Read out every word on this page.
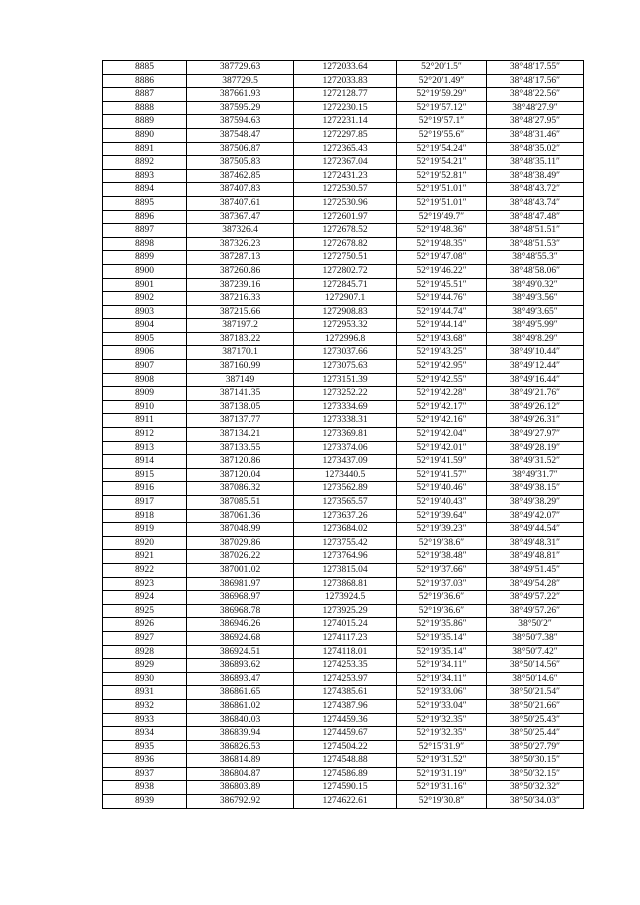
8885	387729.63	1272033.64	52°20′1.5″	38°48′17.55″
8886	387729.5	1272033.83	52°20′1.49″	38°48′17.56″
8887	387661.93	1272128.77	52°19′59.29″	38°48′22.56″
8888	387595.29	1272230.15	52°19′57.12″	38°48′27.9″
8889	387594.63	1272231.14	52°19′57.1″	38°48′27.95″
8890	387548.47	1272297.85	52°19′55.6″	38°48′31.46″
8891	387506.87	1272365.43	52°19′54.24″	38°48′35.02″
8892	387505.83	1272367.04	52°19′54.21″	38°48′35.11″
8893	387462.85	1272431.23	52°19′52.81″	38°48′38.49″
8894	387407.83	1272530.57	52°19′51.01″	38°48′43.72″
8895	387407.61	1272530.96	52°19′51.01″	38°48′43.74″
8896	387367.47	1272601.97	52°19′49.7″	38°48′47.48″
8897	387326.4	1272678.52	52°19′48.36″	38°48′51.51″
8898	387326.23	1272678.82	52°19′48.35″	38°48′51.53″
8899	387287.13	1272750.51	52°19′47.08″	38°48′55.3″
8900	387260.86	1272802.72	52°19′46.22″	38°48′58.06″
8901	387239.16	1272845.71	52°19′45.51″	38°49′0.32″
8902	387216.33	1272907.1	52°19′44.76″	38°49′3.56″
8903	387215.66	1272908.83	52°19′44.74″	38°49′3.65″
8904	387197.2	1272953.32	52°19′44.14″	38°49′5.99″
8905	387183.22	1272996.8	52°19′43.68″	38°49′8.29″
8906	387170.1	1273037.66	52°19′43.25″	38°49′10.44″
8907	387160.99	1273075.63	52°19′42.95″	38°49′12.44″
8908	387149	1273151.39	52°19′42.55″	38°49′16.44″
8909	387141.35	1273252.22	52°19′42.28″	38°49′21.76″
8910	387138.05	1273334.69	52°19′42.17″	38°49′26.12″
8911	387137.77	1273338.31	52°19′42.16″	38°49′26.31″
8912	387134.21	1273369.81	52°19′42.04″	38°49′27.97″
8913	387133.55	1273374.06	52°19′42.01″	38°49′28.19″
8914	387120.86	1273437.09	52°19′41.59″	38°49′31.52″
8915	387120.04	1273440.5	52°19′41.57″	38°49′31.7″
8916	387086.32	1273562.89	52°19′40.46″	38°49′38.15″
8917	387085.51	1273565.57	52°19′40.43″	38°49′38.29″
8918	387061.36	1273637.26	52°19′39.64″	38°49′42.07″
8919	387048.99	1273684.02	52°19′39.23″	38°49′44.54″
8920	387029.86	1273755.42	52°19′38.6″	38°49′48.31″
8921	387026.22	1273764.96	52°19′38.48″	38°49′48.81″
8922	387001.02	1273815.04	52°19′37.66″	38°49′51.45″
8923	386981.97	1273868.81	52°19′37.03″	38°49′54.28″
8924	386968.97	1273924.5	52°19′36.6″	38°49′57.22″
8925	386968.78	1273925.29	52°19′36.6″	38°49′57.26″
8926	386946.26	1274015.24	52°19′35.86″	38°50′2″
8927	386924.68	1274117.23	52°19′35.14″	38°50′7.38″
8928	386924.51	1274118.01	52°19′35.14″	38°50′7.42″
8929	386893.62	1274253.35	52°19′34.11″	38°50′14.56″
8930	386893.47	1274253.97	52°19′34.11″	38°50′14.6″
8931	386861.65	1274385.61	52°19′33.06″	38°50′21.54″
8932	386861.02	1274387.96	52°19′33.04″	38°50′21.66″
8933	386840.03	1274459.36	52°19′32.35″	38°50′25.43″
8934	386839.94	1274459.67	52°19′32.35″	38°50′25.44″
8935	386826.53	1274504.22	52°15′31.9″	38°50′27.79″
8936	386814.89	1274548.88	52°19′31.52″	38°50′30.15″
8937	386804.87	1274586.89	52°19′31.19″	38°50′32.15″
8938	386803.89	1274590.15	52°19′31.16″	38°50′32.32″
8939	386792.92	1274622.61	52°19′30.8″	38°50′34.03″
